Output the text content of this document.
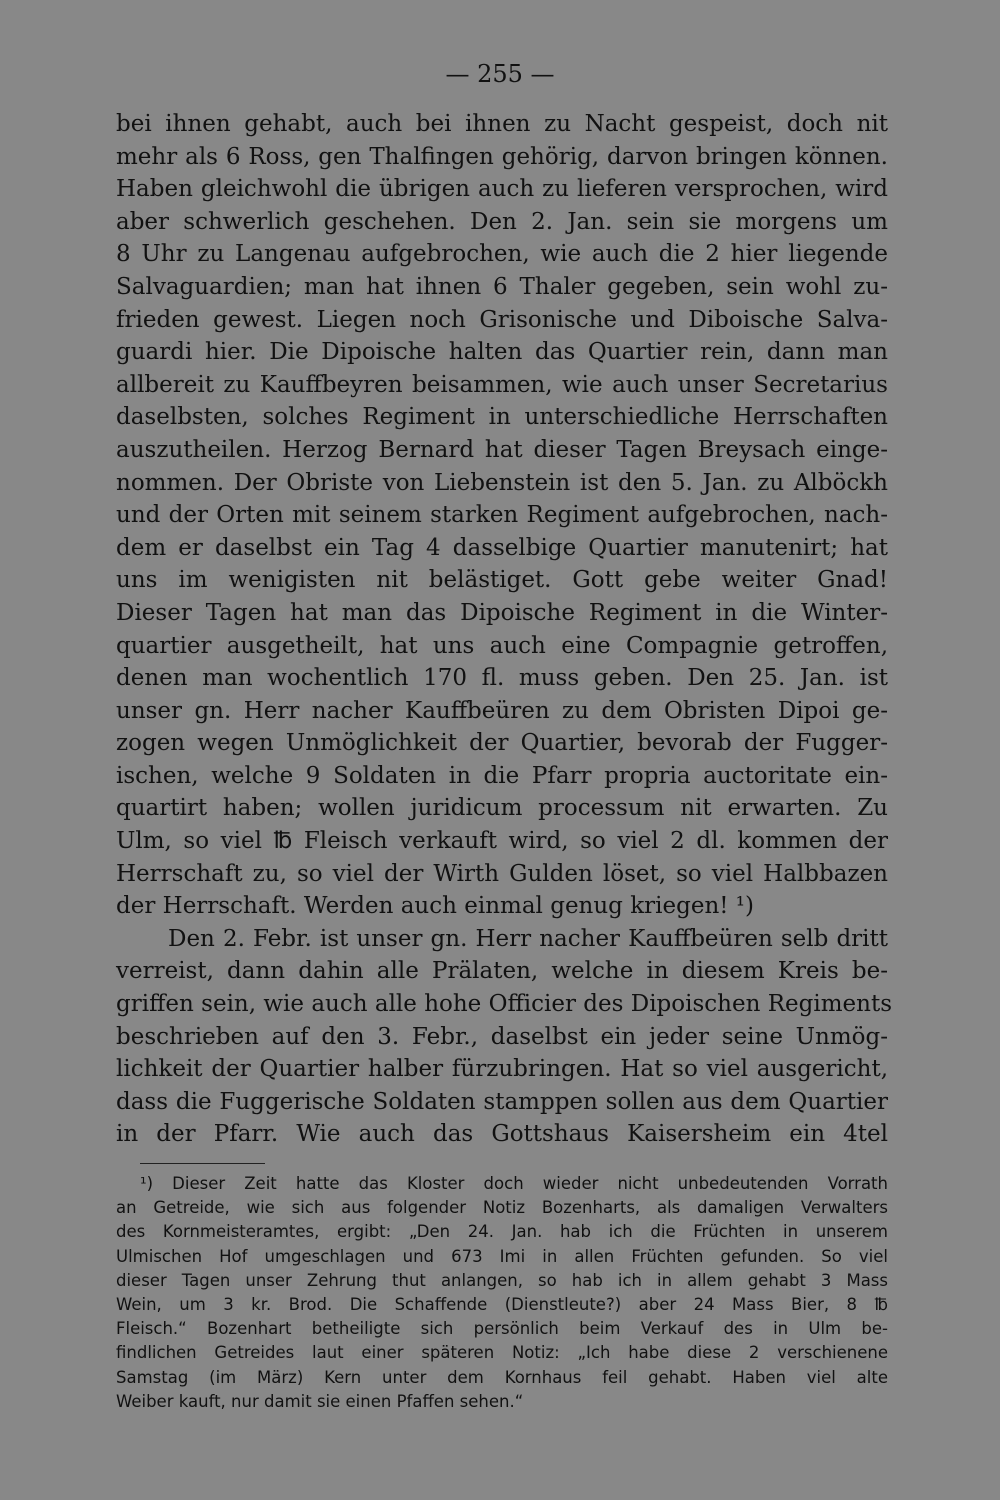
— 255 —
bei ihnen gehabt, auch bei ihnen zu Nacht gespeist, doch nit
mehr als 6 Ross, gen Thalfingen gehörig, darvon bringen können.
Haben gleichwohl die übrigen auch zu lieferen versprochen, wird
aber schwerlich geschehen. Den 2. Jan. sein sie morgens um
8 Uhr zu Langenau aufgebrochen, wie auch die 2 hier liegende
Salvaguardien; man hat ihnen 6 Thaler gegeben, sein wohl zu-
frieden gewest. Liegen noch Grisonische und Diboische Salva-
guardi hier. Die Dipoische halten das Quartier rein, dann man
allbereit zu Kauffbeyren beisammen, wie auch unser Secretarius
daselbsten, solches Regiment in unterschiedliche Herrschaften
auszutheilen. Herzog Bernard hat dieser Tagen Breysach einge-
nommen. Der Obriste von Liebenstein ist den 5. Jan. zu Alböckh
und der Orten mit seinem starken Regiment aufgebrochen, nach-
dem er daselbst ein Tag 4 dasselbige Quartier manutenirt; hat
uns im wenigisten nit belästiget. Gott gebe weiter Gnad!
Dieser Tagen hat man das Dipoische Regiment in die Winter-
quartier ausgetheilt, hat uns auch eine Compagnie getroffen,
denen man wochentlich 170 fl. muss geben. Den 25. Jan. ist
unser gn. Herr nacher Kauffbeüren zu dem Obristen Dipoi ge-
zogen wegen Unmöglichkeit der Quartier, bevorab der Fugger-
ischen, welche 9 Soldaten in die Pfarr propria auctoritate ein-
quartirt haben; wollen juridicum processum nit erwarten. Zu
Ulm, so viel ℔ Fleisch verkauft wird, so viel 2 dl. kommen der
Herrschaft zu, so viel der Wirth Gulden löset, so viel Halbbazen
der Herrschaft. Werden auch einmal genug kriegen! ¹)
Den 2. Febr. ist unser gn. Herr nacher Kauffbeüren selb dritt
verreist, dann dahin alle Prälaten, welche in diesem Kreis be-
griffen sein, wie auch alle hohe Officier des Dipoischen Regiments
beschrieben auf den 3. Febr., daselbst ein jeder seine Unmög-
lichkeit der Quartier halber fürzubringen. Hat so viel ausgericht,
dass die Fuggerische Soldaten stamppen sollen aus dem Quartier
in der Pfarr. Wie auch das Gottshaus Kaisersheim ein 4tel
¹) Dieser Zeit hatte das Kloster doch wieder nicht unbedeutenden Vorrath
an Getreide, wie sich aus folgender Notiz Bozenharts, als damaligen Verwalters
des Kornmeisteramtes, ergibt: „Den 24. Jan. hab ich die Früchten in unserem
Ulmischen Hof umgeschlagen und 673 Imi in allen Früchten gefunden. So viel
dieser Tagen unser Zehrung thut anlangen, so hab ich in allem gehabt 3 Mass
Wein, um 3 kr. Brod. Die Schaffende (Dienstleute?) aber 24 Mass Bier, 8 ℔
Fleisch.“ Bozenhart betheiligte sich persönlich beim Verkauf des in Ulm be-
findlichen Getreides laut einer späteren Notiz: „Ich habe diese 2 verschienene
Samstag (im März) Kern unter dem Kornhaus feil gehabt. Haben viel alte
Weiber kauft, nur damit sie einen Pfaffen sehen.“
